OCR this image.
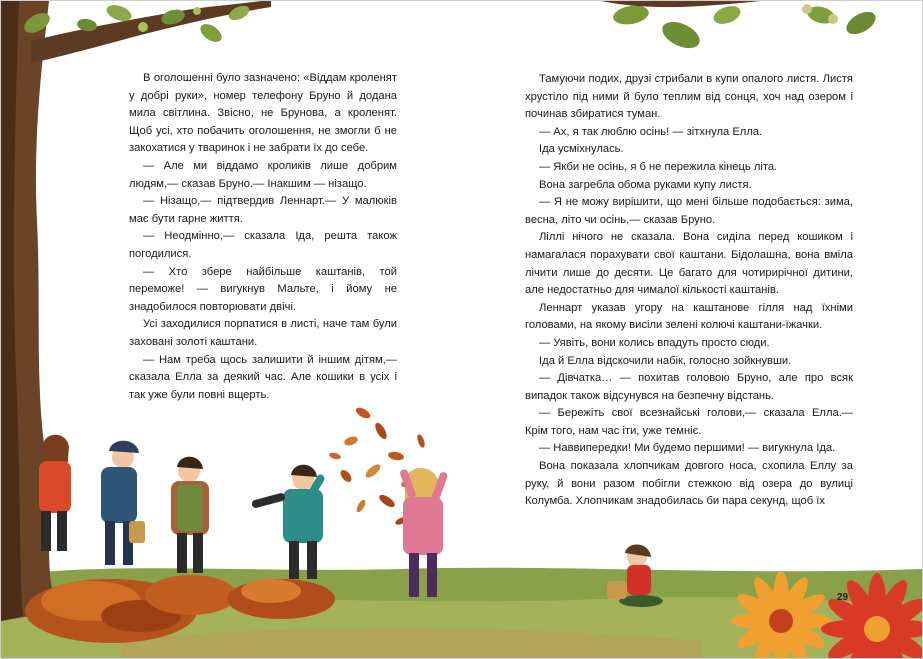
В оголошенні було зазначено: «Віддам кроленят у добрі руки», номер телефону Бруно й додана мила світлина. Звісно, не Брунова, а кроленят. Щоб усі, хто побачить оголошення, не змогли б не закохатися у тваринок і не забрати їх до себе.

— Але ми віддамо кроликів лише добрим людям,— сказав Бруно.— Інакшим — нізащо.

— Нізащо,— підтвердив Леннарт.— У малюків має бути гарне життя.

— Неодмінно,— сказала Іда, решта також погодилися.

— Хто збере найбільше каштанів, той переможе! — вигукнув Мальте, і йому не знадобилося повторювати двічі.

Усі заходилися порпатися в листі, наче там були заховані золоті каштани.

— Нам треба щось залишити й іншим дітям,— сказала Елла за деякий час. Але кошики в усіх і так уже були повні вщерть.

Тамуючи подих, друзі стрибали в купи опалого листя. Листя хрустіло під ними й було теплим від сонця, хоч над озером і починав збиратися туман.

— Ах, я так люблю осінь! — зітхнула Елла.

Іда усміхнулась.

— Якби не осінь, я б не пережила кінець літа.

Вона загребла обома руками купу листя.

— Я не можу вирішити, що мені більше подобається: зима, весна, літо чи осінь,— сказав Бруно.

Ліллі нічого не сказала. Вона сиділа перед кошиком і намагалася порахувати свої каштани. Бідолашна, вона вміла лічити лише до десяти. Це багато для чотирирічної дитини, але недостатньо для чималої кількості каштанів.

Леннарт указав угору на каштанове гілля над їхніми головами, на якому висіли зелені колючі каштани-їжачки.

— Уявіть, вони колись впадуть просто сюди.

Іда й Елла відскочили набік, голосно зойкнувши.

— Дівчатка… — похитав головою Бруно, але про всяк випадок також відсунувся на безпечну відстань.

— Бережіть свої всезнайські голови,— сказала Елла.— Крім того, нам час іти, уже темніє.

— Наввипередки! Ми будемо першими! — вигукнула Іда.

Вона показала хлопчикам довгого носа, схопила Еллу за руку, й вони разом побігли стежкою від озера до вулиці Колумба. Хлопчикам знадобилась би пара секунд, щоб їх

29
